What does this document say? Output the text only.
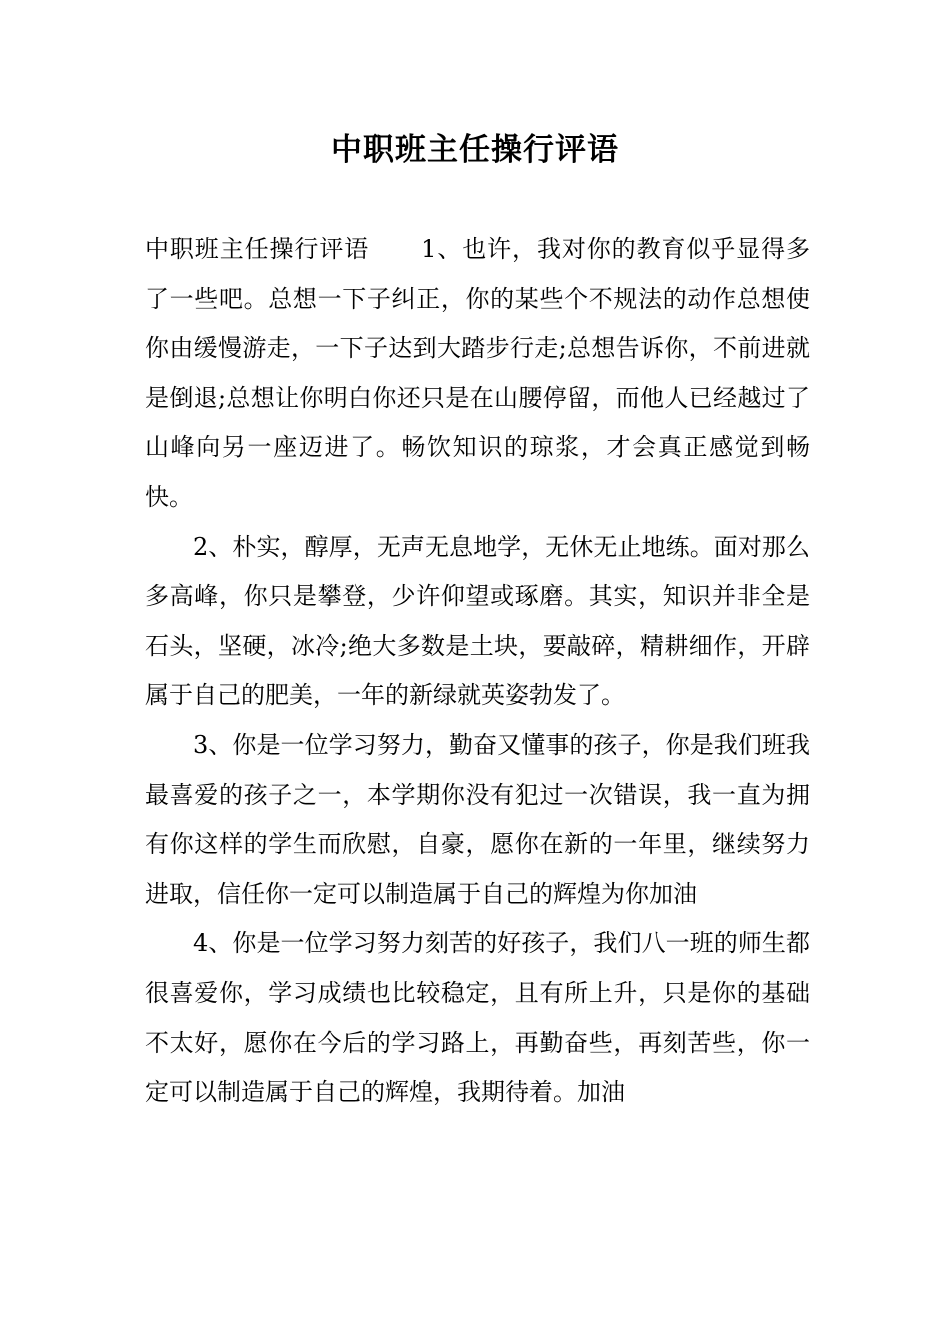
中职班主任操行评语

中职班主任操行评语 1、也许，我对你的教育似乎显得多了一些吧。总想一下子纠正，你的某些个不规法的动作总想使你由缓慢游走，一下子达到大踏步行走;总想告诉你，不前进就是倒退;总想让你明白你还只是在山腰停留，而他人已经越过了山峰向另一座迈进了。畅饮知识的琼浆，才会真正感觉到畅快。

2、朴实，醇厚，无声无息地学，无休无止地练。面对那么多高峰，你只是攀登，少许仰望或琢磨。其实，知识并非全是石头，坚硬，冰冷;绝大多数是土块，要敲碎，精耕细作，开辟属于自己的肥美，一年的新绿就英姿勃发了。

3、你是一位学习努力，勤奋又懂事的孩子，你是我们班我最喜爱的孩子之一，本学期你没有犯过一次错误，我一直为拥有你这样的学生而欣慰，自豪，愿你在新的一年里，继续努力进取，信任你一定可以制造属于自己的辉煌为你加油

4、你是一位学习努力刻苦的好孩子，我们八一班的师生都很喜爱你，学习成绩也比较稳定，且有所上升，只是你的基础不太好，愿你在今后的学习路上，再勤奋些，再刻苦些，你一定可以制造属于自己的辉煌，我期待着。加油
